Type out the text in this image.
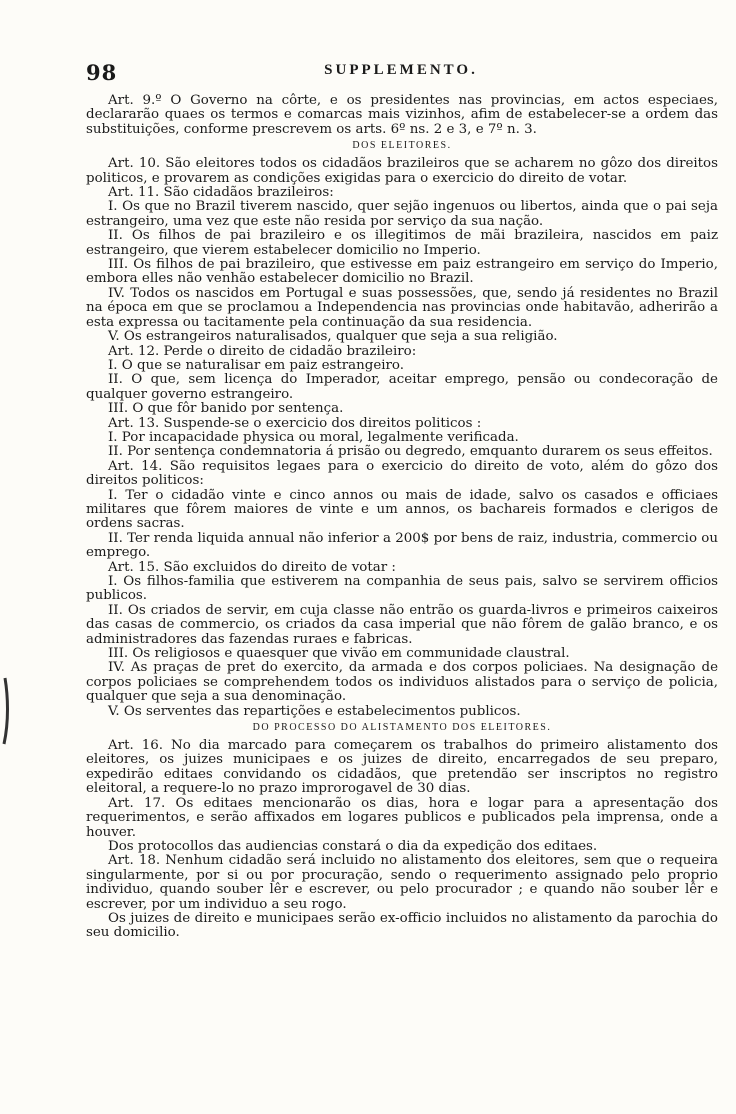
98	SUPPLEMENTO.

Art. 9.º O Governo na côrte, e os presidentes nas provincias, em actos especiaes, declararão quaes os termos e comarcas mais vizinhos, afim de estabelecer-se a ordem das substituições, conforme prescrevem os arts. 6º ns. 2 e 3, e 7º n. 3.

DOS ELEITORES.

Art. 10. São eleitores todos os cidadãos brazileiros que se acharem no gôzo dos direitos politicos, e provarem as condições exigidas para o exercicio do direito de votar.

Art. 11. São cidadãos brazileiros:

I. Os que no Brazil tiverem nascido, quer sejão ingenuos ou libertos, ainda que o pai seja estrangeiro, uma vez que este não resida por serviço da sua nação.

II. Os filhos de pai brazileiro e os illegitimos de mãi brazileira, nascidos em paiz estrangeiro, que vierem estabelecer domicilio no Imperio.

III. Os filhos de pai brazileiro, que estivesse em paiz estrangeiro em serviço do Imperio, embora elles não venhão estabelecer domicilio no Brazil.

IV. Todos os nascidos em Portugal e suas possessões, que, sendo já residentes no Brazil na época em que se proclamou a Independencia nas provincias onde habitavão, adherirão a esta expressa ou tacitamente pela continuação da sua residencia.

V. Os estrangeiros naturalisados, qualquer que seja a sua religião.

Art. 12. Perde o direito de cidadão brazileiro:

I. O que se naturalisar em paiz estrangeiro.

II. O que, sem licença do Imperador, aceitar emprego, pensão ou condecoração de qualquer governo estrangeiro.

III. O que fôr banido por sentença.

Art. 13. Suspende-se o exercicio dos direitos politicos :

I. Por incapacidade physica ou moral, legalmente verificada.

II. Por sentença condemnatoria á prisão ou degredo, emquanto durarem os seus effeitos.

Art. 14. São requisitos legaes para o exercicio do direito de voto, além do gôzo dos direitos politicos:

I. Ter o cidadão vinte e cinco annos ou mais de idade, salvo os casados e officiaes militares que fôrem maiores de vinte e um annos, os bachareis formados e clerigos de ordens sacras.

II. Ter renda liquida annual não inferior a 200$ por bens de raiz, industria, commercio ou emprego.

Art. 15. São excluidos do direito de votar :

I. Os filhos-familia que estiverem na companhia de seus pais, salvo se servirem officios publicos.

II. Os criados de servir, em cuja classe não entrão os guarda-livros e primeiros caixeiros das casas de commercio, os criados da casa imperial que não fôrem de galão branco, e os administradores das fazendas ruraes e fabricas.

III. Os religiosos e quaesquer que vivão em communidade claustral.

IV. As praças de pret do exercito, da armada e dos corpos policiaes. Na designação de corpos policiaes se comprehendem todos os individuos alistados para o serviço de policia, qualquer que seja a sua denominação.

V. Os serventes das repartições e estabelecimentos publicos.

DO PROCESSO DO ALISTAMENTO DOS ELEITORES.

Art. 16. No dia marcado para começarem os trabalhos do primeiro alistamento dos eleitores, os juizes municipaes e os juizes de direito, encarregados de seu preparo, expedirão editaes convidando os cidadãos, que pretendão ser inscriptos no registro eleitoral, a requere-lo no prazo improrogavel de 30 dias.

Art. 17. Os editaes mencionarão os dias, hora e logar para a apresentação dos requerimentos, e serão affixados em logares publicos e publicados pela imprensa, onde a houver.

Dos protocollos das audiencias constará o dia da expedição dos editaes.

Art. 18. Nenhum cidadão será incluido no alistamento dos eleitores, sem que o requeira singularmente, por si ou por procuração, sendo o requerimento assignado pelo proprio individuo, quando souber lêr e escrever, ou pelo procurador ; e quando não souber lêr e escrever, por um individuo a seu rogo.

Os juizes de direito e municipaes serão ex-officio incluidos no alistamento da parochia do seu domicilio.
